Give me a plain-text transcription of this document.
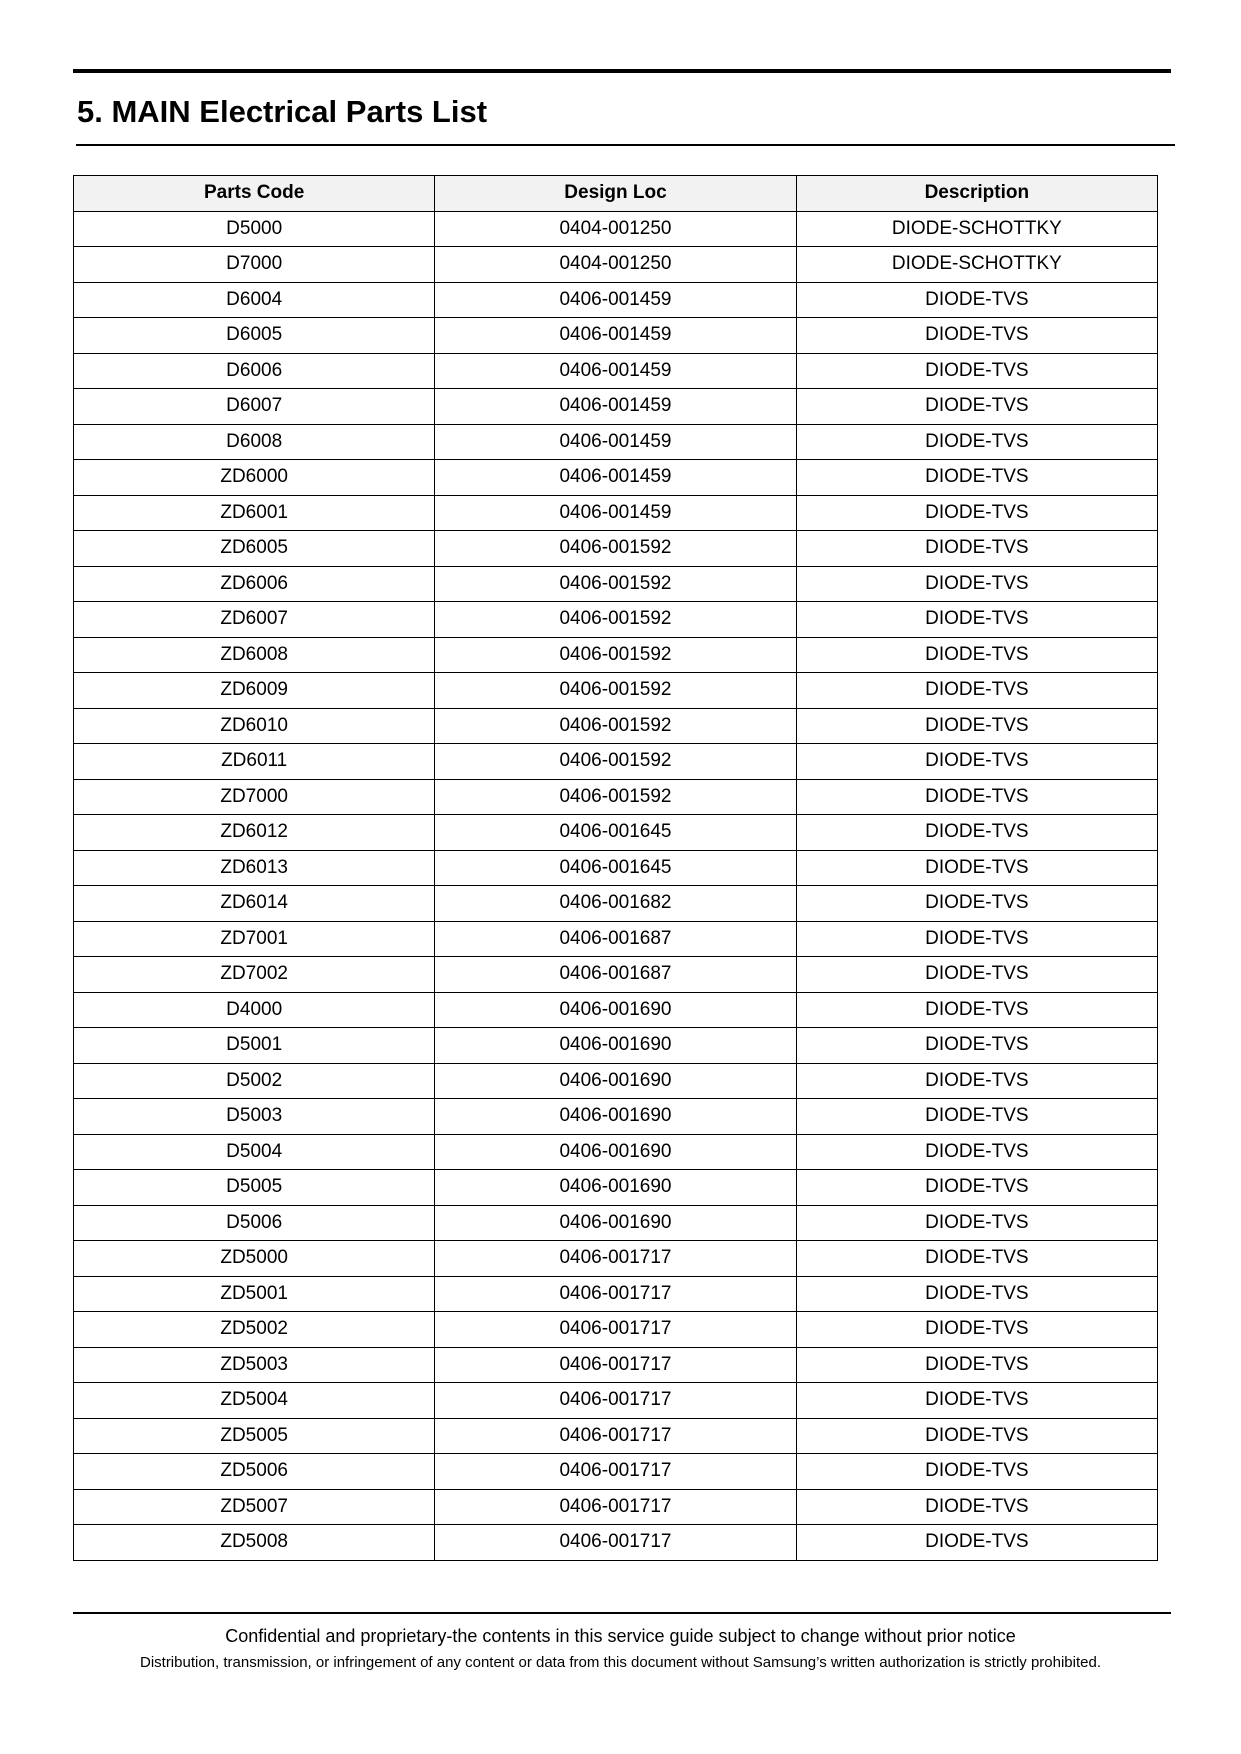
5. MAIN Electrical Parts List
Parts Code	Design Loc	Description
D5000	0404-001250	DIODE-SCHOTTKY
D7000	0404-001250	DIODE-SCHOTTKY
D6004	0406-001459	DIODE-TVS
D6005	0406-001459	DIODE-TVS
D6006	0406-001459	DIODE-TVS
D6007	0406-001459	DIODE-TVS
D6008	0406-001459	DIODE-TVS
ZD6000	0406-001459	DIODE-TVS
ZD6001	0406-001459	DIODE-TVS
ZD6005	0406-001592	DIODE-TVS
ZD6006	0406-001592	DIODE-TVS
ZD6007	0406-001592	DIODE-TVS
ZD6008	0406-001592	DIODE-TVS
ZD6009	0406-001592	DIODE-TVS
ZD6010	0406-001592	DIODE-TVS
ZD6011	0406-001592	DIODE-TVS
ZD7000	0406-001592	DIODE-TVS
ZD6012	0406-001645	DIODE-TVS
ZD6013	0406-001645	DIODE-TVS
ZD6014	0406-001682	DIODE-TVS
ZD7001	0406-001687	DIODE-TVS
ZD7002	0406-001687	DIODE-TVS
D4000	0406-001690	DIODE-TVS
D5001	0406-001690	DIODE-TVS
D5002	0406-001690	DIODE-TVS
D5003	0406-001690	DIODE-TVS
D5004	0406-001690	DIODE-TVS
D5005	0406-001690	DIODE-TVS
D5006	0406-001690	DIODE-TVS
ZD5000	0406-001717	DIODE-TVS
ZD5001	0406-001717	DIODE-TVS
ZD5002	0406-001717	DIODE-TVS
ZD5003	0406-001717	DIODE-TVS
ZD5004	0406-001717	DIODE-TVS
ZD5005	0406-001717	DIODE-TVS
ZD5006	0406-001717	DIODE-TVS
ZD5007	0406-001717	DIODE-TVS
ZD5008	0406-001717	DIODE-TVS
Confidential and proprietary-the contents in this service guide subject to change without prior notice
Distribution, transmission, or infringement of any content or data from this document without Samsung’s written authorization is strictly prohibited.
